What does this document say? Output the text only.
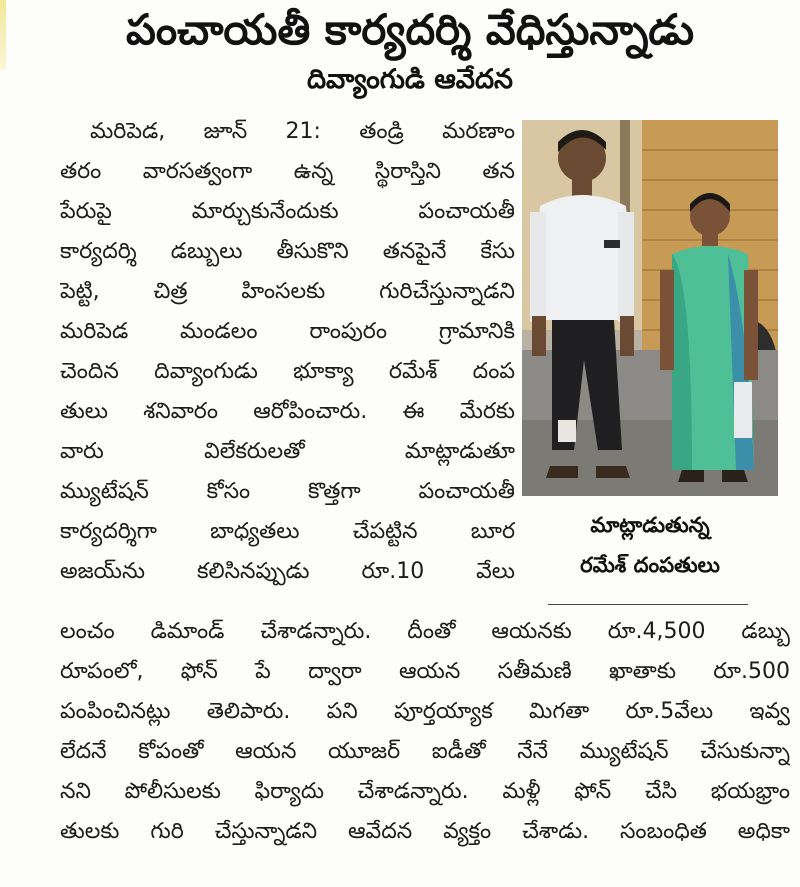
పంచాయతీ కార్యదర్శి వేధిస్తున్నాడు
దివ్యాంగుడి ఆవేదన
మరిపెడ, జూన్ 21: తండ్రి మరణాం
తరం వారసత్వంగా ఉన్న స్థిరాస్తిని తన
పేరుపై మార్చుకునేందుకు పంచాయతీ
కార్యదర్శి డబ్బులు తీసుకొని తనపైనే కేసు
పెట్టి, చిత్ర హింసలకు గురిచేస్తున్నాడని
మరిపెడ మండలం రాంపురం గ్రామానికి
చెందిన దివ్యాంగుడు భూక్యా రమేశ్ దంప
తులు శనివారం ఆరోపించారు. ఈ మేరకు
వారు విలేకరులతో మాట్లాడుతూ
మ్యుటేషన్ కోసం కొత్తగా పంచాయతీ
కార్యదర్శిగా బాధ్యతలు చేపట్టిన బూర
అజయ్‌ను కలిసినప్పుడు రూ.10 వేలు
లంచం డిమాండ్ చేశాడన్నారు. దీంతో ఆయనకు రూ.4,500 డబ్బు
రూపంలో, ఫోన్ పే ద్వారా ఆయన సతీమణి ఖాతాకు రూ.500
పంపించినట్లు తెలిపారు. పని పూర్తయ్యాక మిగతా రూ.5వేలు ఇవ్వ
లేదనే కోపంతో ఆయన యూజర్ ఐడీతో నేనే మ్యుటేషన్ చేసుకున్నా
నని పోలీసులకు ఫిర్యాదు చేశాడన్నారు. మళ్లీ ఫోన్ చేసి భయభ్రాం
తులకు గురి చేస్తున్నాడని ఆవేదన వ్యక్తం చేశాడు. సంబంధిత అధికా
మాట్లాడుతున్న
రమేశ్ దంపతులు
